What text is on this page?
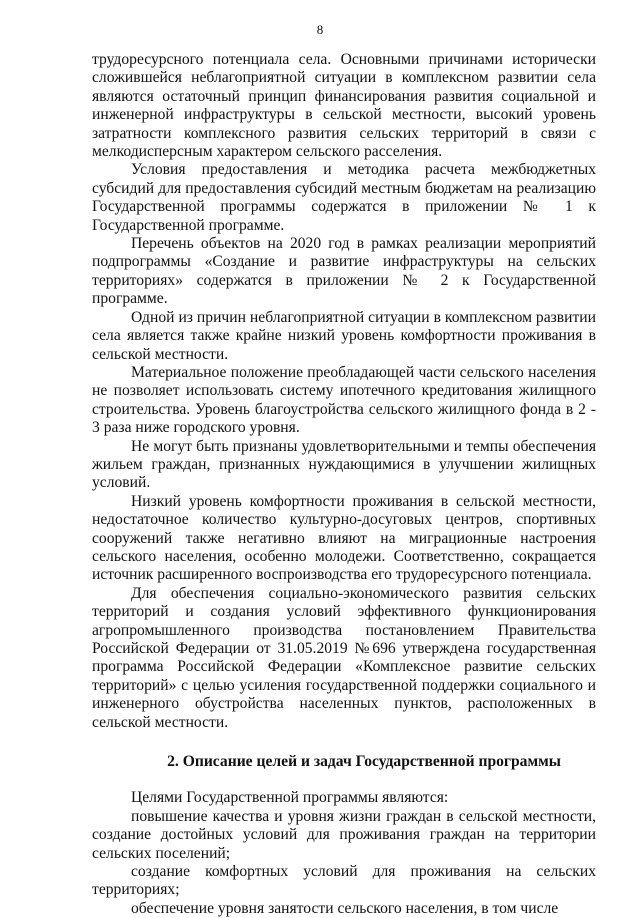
8

трудоресурсного потенциала села. Основными причинами исторически сложившейся неблагоприятной ситуации в комплексном развитии села являются остаточный принцип финансирования развития социальной и инженерной инфраструктуры в сельской местности, высокий уровень затратности комплексного развития сельских территорий в связи с мелкодисперсным характером сельского расселения.

Условия предоставления и методика расчета межбюджетных субсидий для предоставления субсидий местным бюджетам на реализацию Государственной программы содержатся в приложении № 1 к Государственной программе.

Перечень объектов на 2020 год в рамках реализации мероприятий подпрограммы «Создание и развитие инфраструктуры на сельских территориях» содержатся в приложении № 2 к Государственной программе.

Одной из причин неблагоприятной ситуации в комплексном развитии села является также крайне низкий уровень комфортности проживания в сельской местности.

Материальное положение преобладающей части сельского населения не позволяет использовать систему ипотечного кредитования жилищного строительства. Уровень благоустройства сельского жилищного фонда в 2 - 3 раза ниже городского уровня.

Не могут быть признаны удовлетворительными и темпы обеспечения жильем граждан, признанных нуждающимися в улучшении жилищных условий.

Низкий уровень комфортности проживания в сельской местности, недостаточное количество культурно-досуговых центров, спортивных сооружений также негативно влияют на миграционные настроения сельского населения, особенно молодежи. Соответственно, сокращается источник расширенного воспроизводства его трудоресурсного потенциала.

Для обеспечения социально-экономического развития сельских территорий и создания условий эффективного функционирования агропромышленного производства постановлением Правительства Российской Федерации от 31.05.2019 №696 утверждена государственная программа Российской Федерации «Комплексное развитие сельских территорий» с целью усиления государственной поддержки социального и инженерного обустройства населенных пунктов, расположенных в сельской местности.

2. Описание целей и задач Государственной программы

Целями Государственной программы являются:

повышение качества и уровня жизни граждан в сельской местности, создание достойных условий для проживания граждан на территории сельских поселений;

создание комфортных условий для проживания на сельских территориях;

обеспечение уровня занятости сельского населения, в том числе
